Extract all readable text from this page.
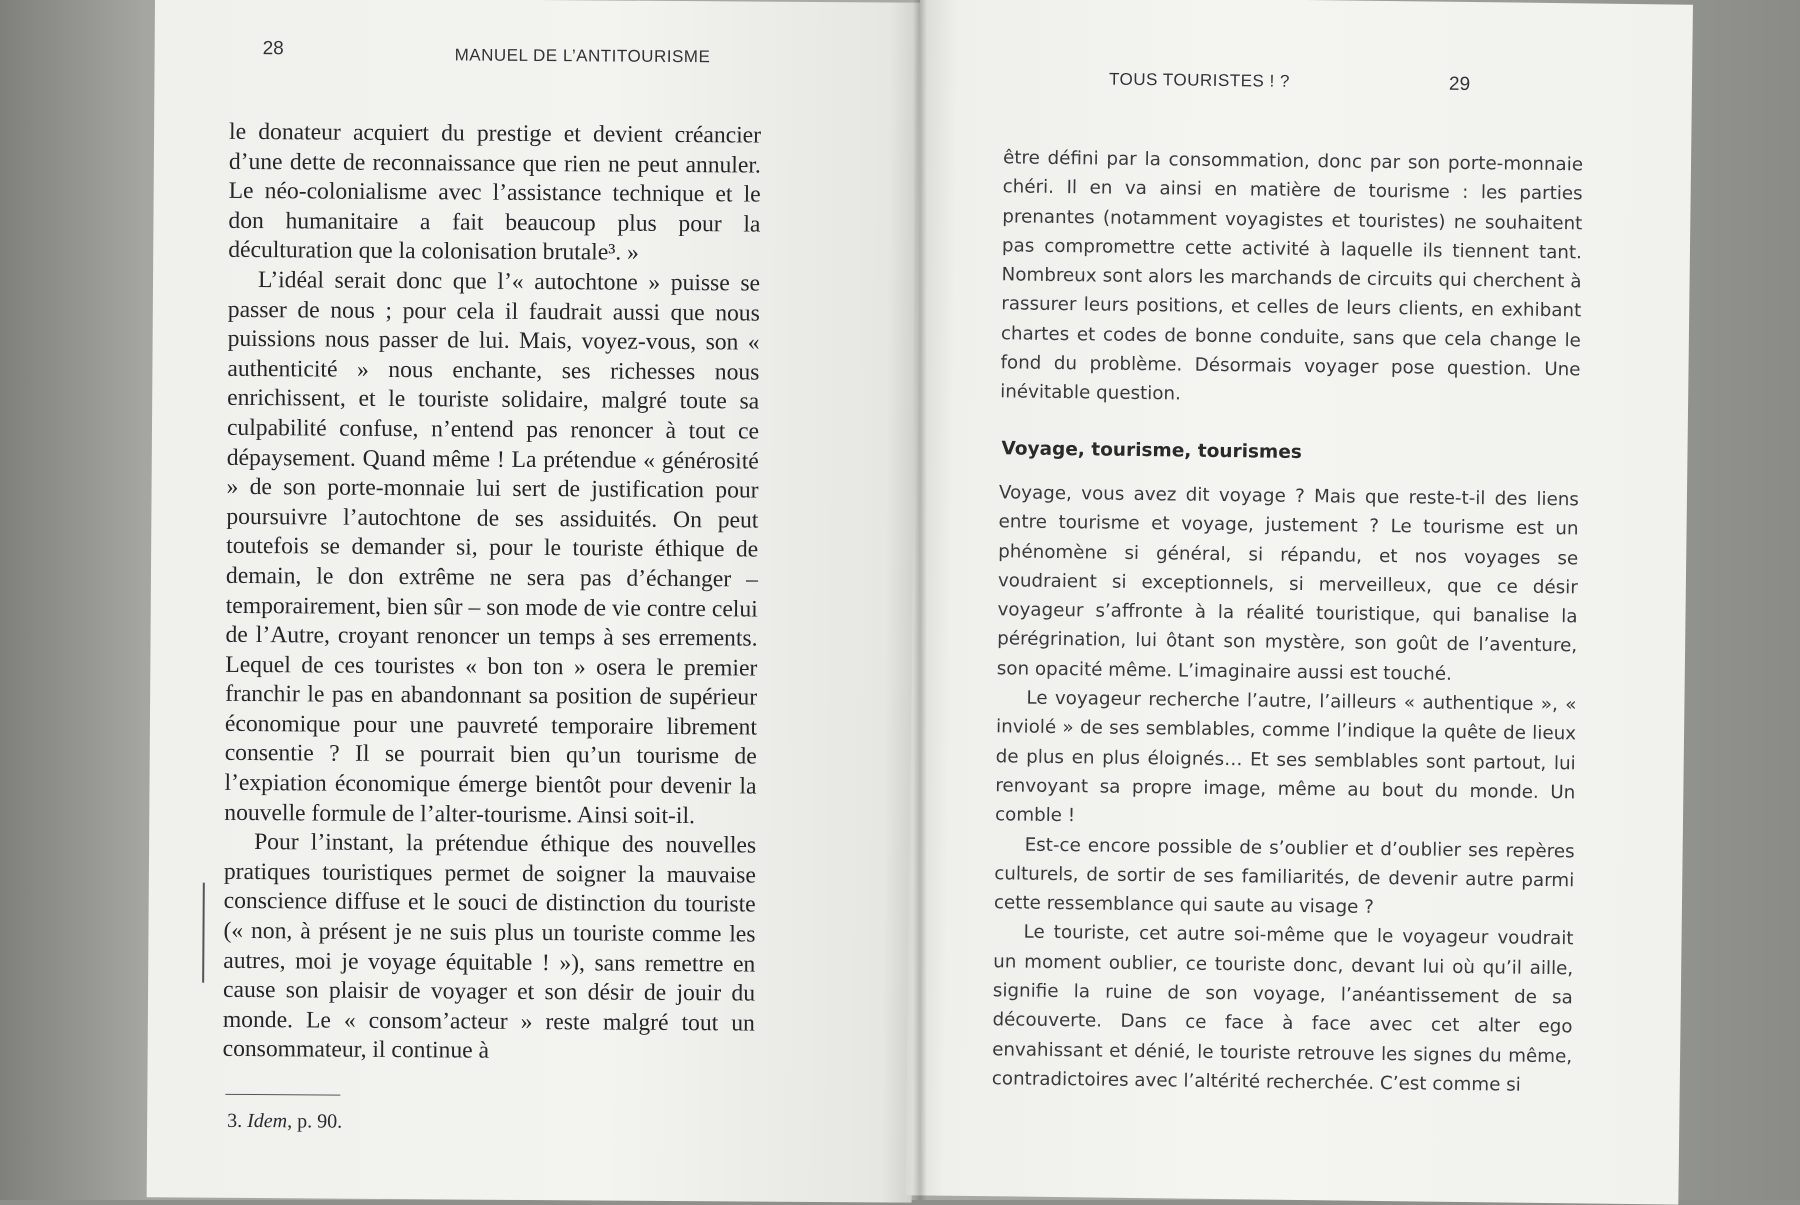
28	MANUEL DE L’ANTITOURISME

le donateur acquiert du prestige et devient créancier d’une dette de reconnaissance que rien ne peut annuler. Le néo-colonialisme avec l’assistance technique et le don humanitaire a fait beaucoup plus pour la déculturation que la colonisation brutale³. »

L’idéal serait donc que l’« autochtone » puisse se passer de nous ; pour cela il faudrait aussi que nous puissions nous passer de lui. Mais, voyez-vous, son « authenticité » nous enchante, ses richesses nous enrichissent, et le touriste solidaire, malgré toute sa culpabilité confuse, n’entend pas renoncer à tout ce dépaysement. Quand même ! La prétendue « générosité » de son porte-monnaie lui sert de justification pour poursuivre l’autochtone de ses assiduités. On peut toutefois se demander si, pour le touriste éthique de demain, le don extrême ne sera pas d’échanger – temporairement, bien sûr – son mode de vie contre celui de l’Autre, croyant renoncer un temps à ses errements. Lequel de ces touristes « bon ton » osera le premier franchir le pas en abandonnant sa position de supérieur économique pour une pauvreté temporaire librement consentie ? Il se pourrait bien qu’un tourisme de l’expiation économique émerge bientôt pour devenir la nouvelle formule de l’alter-tourisme. Ainsi soit-il.

Pour l’instant, la prétendue éthique des nouvelles pratiques touristiques permet de soigner la mauvaise conscience diffuse et le souci de distinction du touriste (« non, à présent je ne suis plus un touriste comme les autres, moi je voyage équitable ! »), sans remettre en cause son plaisir de voyager et son désir de jouir du monde. Le « consom’acteur » reste malgré tout un consommateur, il continue à

3. Idem, p. 90.
TOUS TOURISTES ! ?	29
être défini par la consommation, donc par son porte-monnaie chéri. Il en va ainsi en matière de tourisme : les parties prenantes (notamment voyagistes et touristes) ne souhaitent pas compromettre cette activité à laquelle ils tiennent tant. Nombreux sont alors les marchands de circuits qui cherchent à rassurer leurs positions, et celles de leurs clients, en exhibant chartes et codes de bonne conduite, sans que cela change le fond du problème. Désormais voyager pose question. Une inévitable question.
Voyage, tourisme, tourismes

Voyage, vous avez dit voyage ? Mais que reste-t-il des liens entre tourisme et voyage, justement ? Le tourisme est un phénomène si général, si répandu, et nos voyages se voudraient si exceptionnels, si merveilleux, que ce désir voyageur s’affronte à la réalité touristique, qui banalise la pérégrination, lui ôtant son mystère, son goût de l’aventure, son opacité même. L’imaginaire aussi est touché.

Le voyageur recherche l’autre, l’ailleurs « authentique », « inviolé » de ses semblables, comme l’indique la quête de lieux de plus en plus éloignés… Et ses semblables sont partout, lui renvoyant sa propre image, même au bout du monde. Un comble !

Est-ce encore possible de s’oublier et d’oublier ses repères culturels, de sortir de ses familiarités, de devenir autre parmi cette ressemblance qui saute au visage ?

Le touriste, cet autre soi-même que le voyageur voudrait un moment oublier, ce touriste donc, devant lui où qu’il aille, signifie la ruine de son voyage, l’anéantissement de sa découverte. Dans ce face à face avec cet alter ego envahissant et dénié, le touriste retrouve les signes du même, contradictoires avec l’altérité recherchée. C’est comme si
